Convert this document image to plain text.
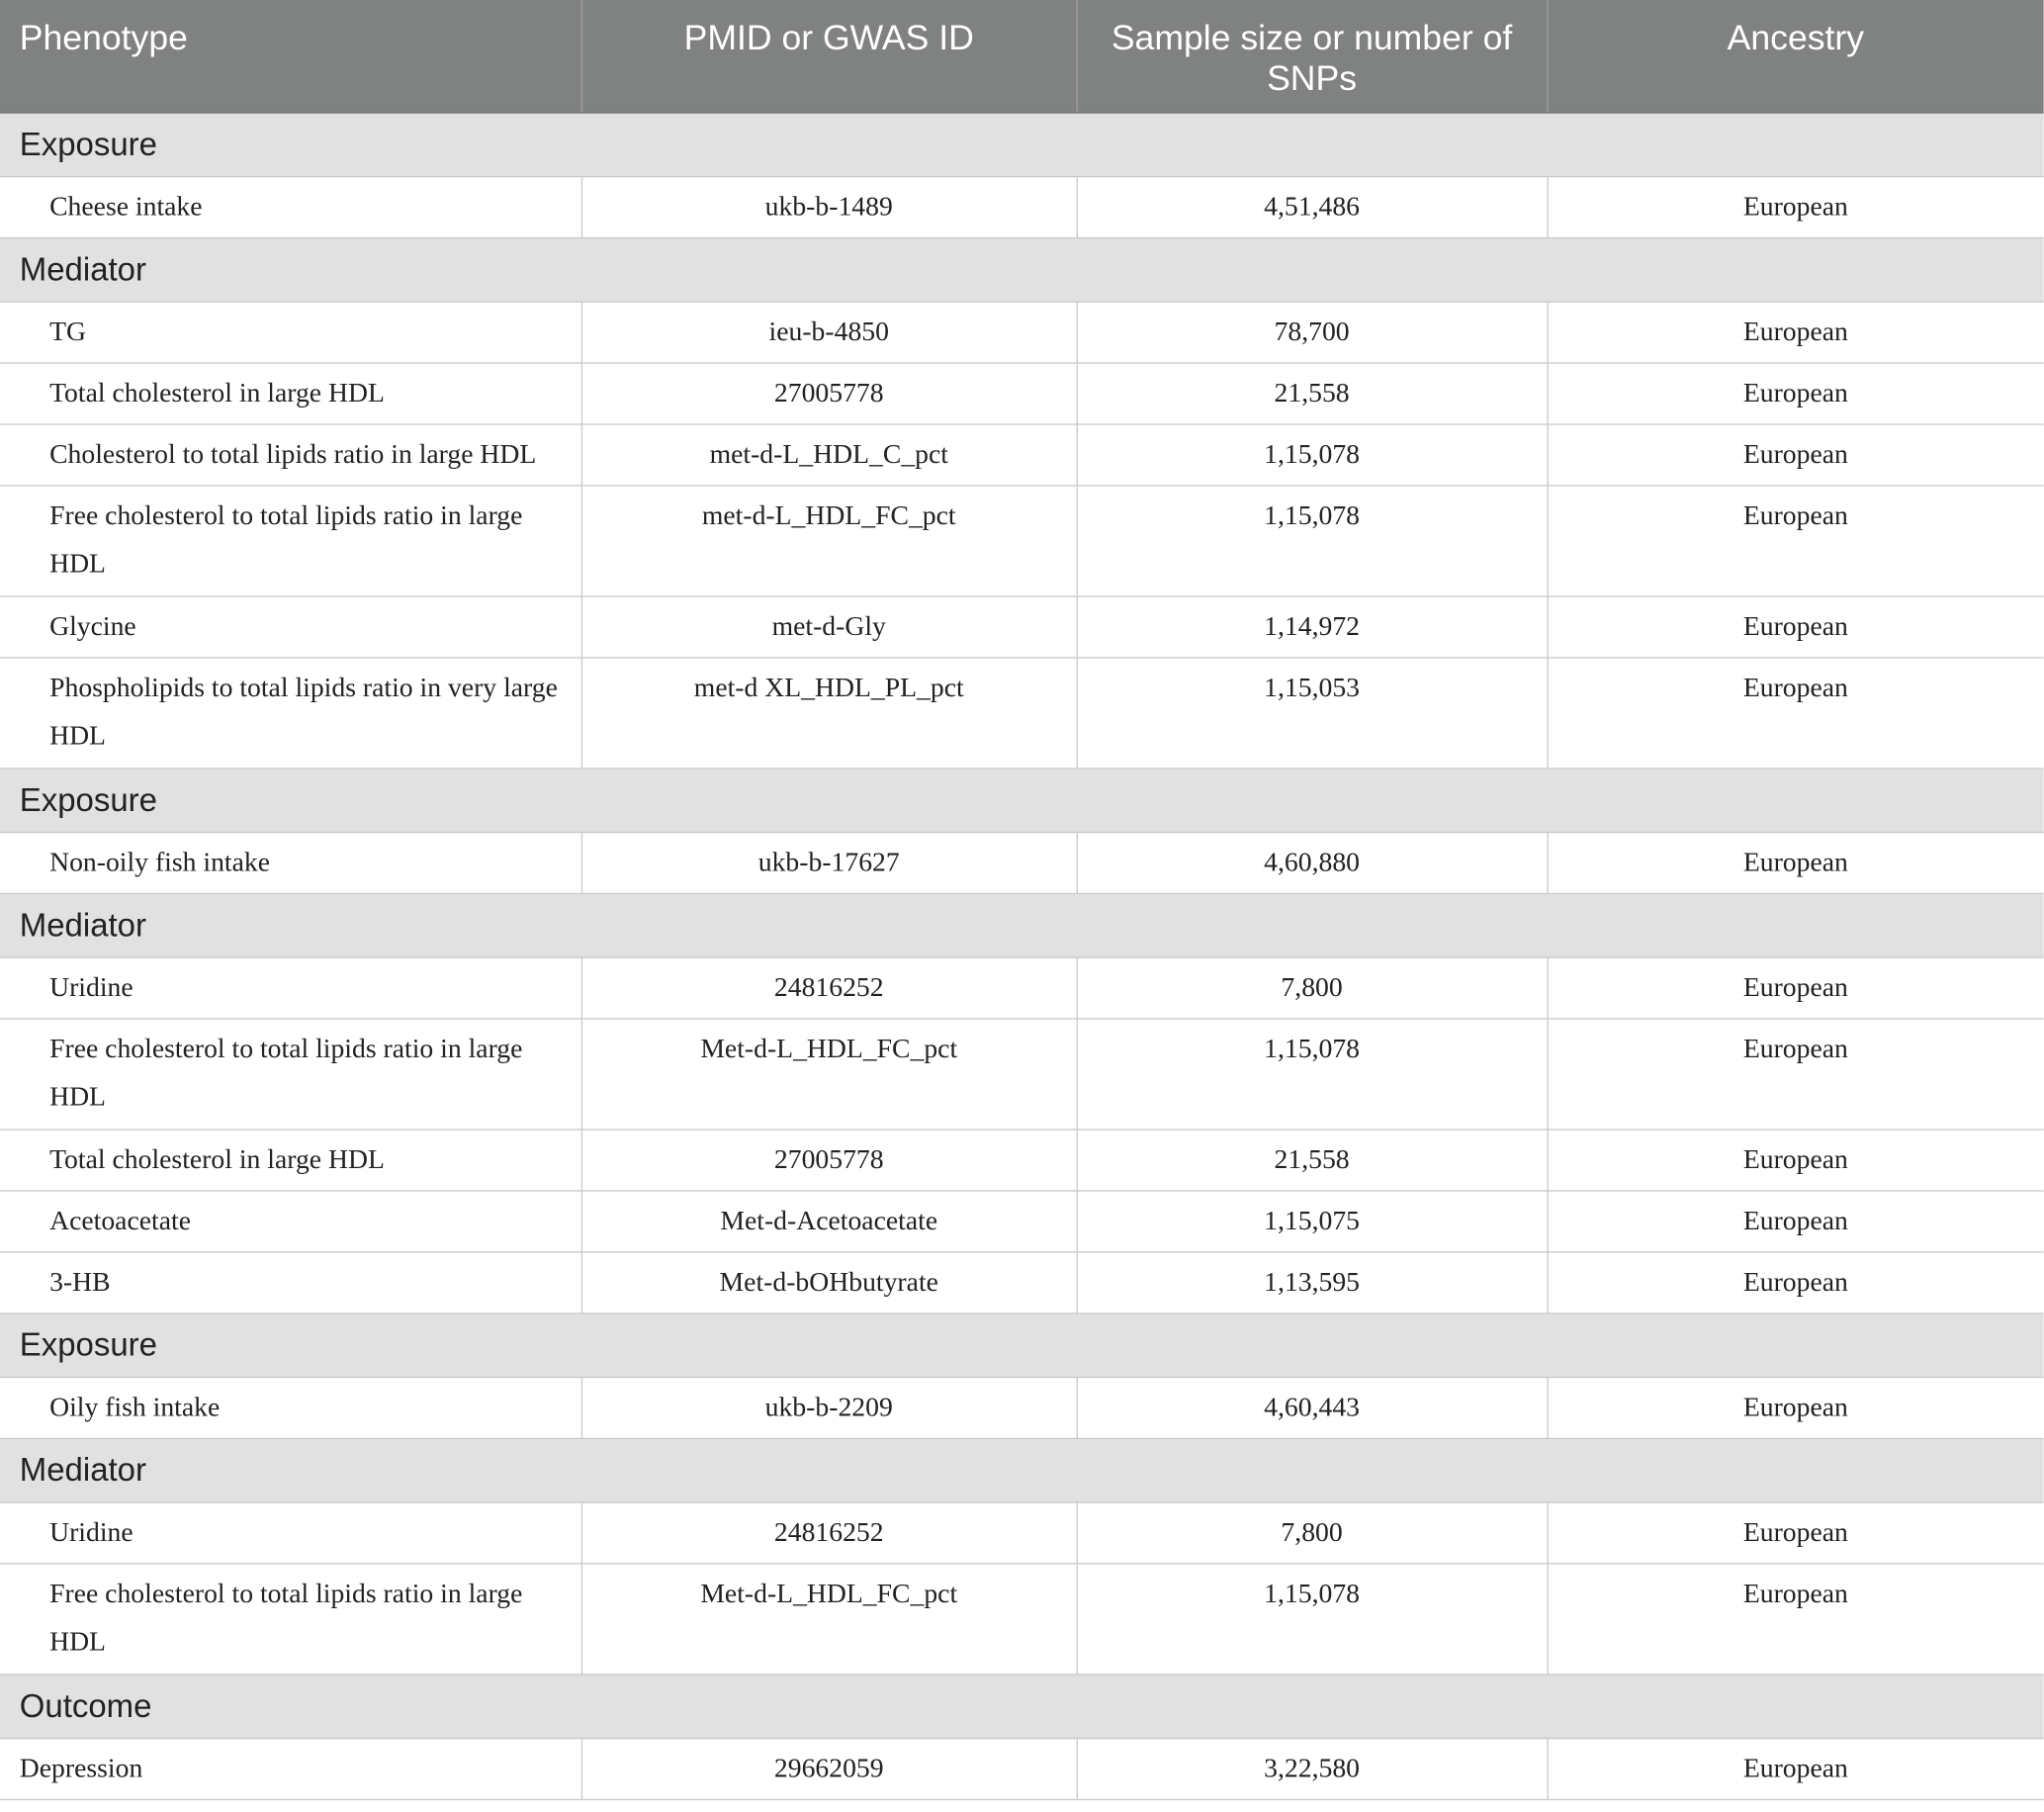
Phenotype	PMID or GWAS ID	Sample size or number of SNPs	Ancestry
Exposure			
Cheese intake	ukb-b-1489	4,51,486	European
Mediator			
TG	ieu-b-4850	78,700	European
Total cholesterol in large HDL	27005778	21,558	European
Cholesterol to total lipids ratio in large HDL	met-d-L_HDL_C_pct	1,15,078	European
Free cholesterol to total lipids ratio in large HDL	met-d-L_HDL_FC_pct	1,15,078	European
Glycine	met-d-Gly	1,14,972	European
Phospholipids to total lipids ratio in very large HDL	met-d XL_HDL_PL_pct	1,15,053	European
Exposure			
Non-oily fish intake	ukb-b-17627	4,60,880	European
Mediator			
Uridine	24816252	7,800	European
Free cholesterol to total lipids ratio in large HDL	Met-d-L_HDL_FC_pct	1,15,078	European
Total cholesterol in large HDL	27005778	21,558	European
Acetoacetate	Met-d-Acetoacetate	1,15,075	European
3-HB	Met-d-bOHbutyrate	1,13,595	European
Exposure			
Oily fish intake	ukb-b-2209	4,60,443	European
Mediator			
Uridine	24816252	7,800	European
Free cholesterol to total lipids ratio in large HDL	Met-d-L_HDL_FC_pct	1,15,078	European
Outcome			
Depression	29662059	3,22,580	European
